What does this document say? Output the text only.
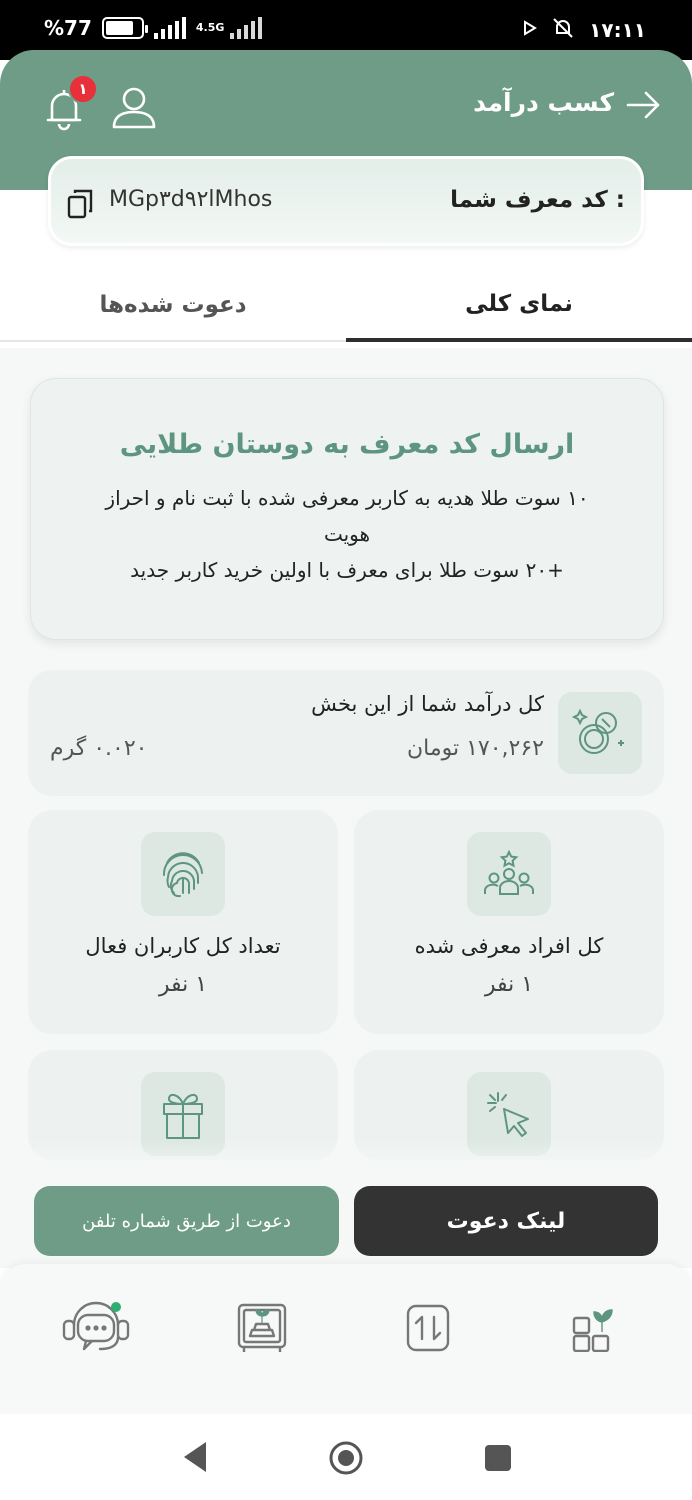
%77	4.5G	۱۷:۱۱
کسب درآمد
۱
کد معرف شما :
MGp۳d۹۲lMhos
نمای کلی
دعوت شده‌ها
ارسال کد معرف به دوستان طلایی
۱۰ سوت طلا هدیه به کاربر معرفی شده با ثبت نام و احراز هویت
+۲۰ سوت طلا برای معرف با اولین خرید کاربر جدید
کل درآمد شما از این بخش
۱۷۰,۲۶۲ تومان
۰.۰۲۰ گرم
کل افراد معرفی شده
۱ نفر
تعداد کل کاربران فعال
۱ نفر
لینک دعوت
دعوت از طریق شماره تلفن
